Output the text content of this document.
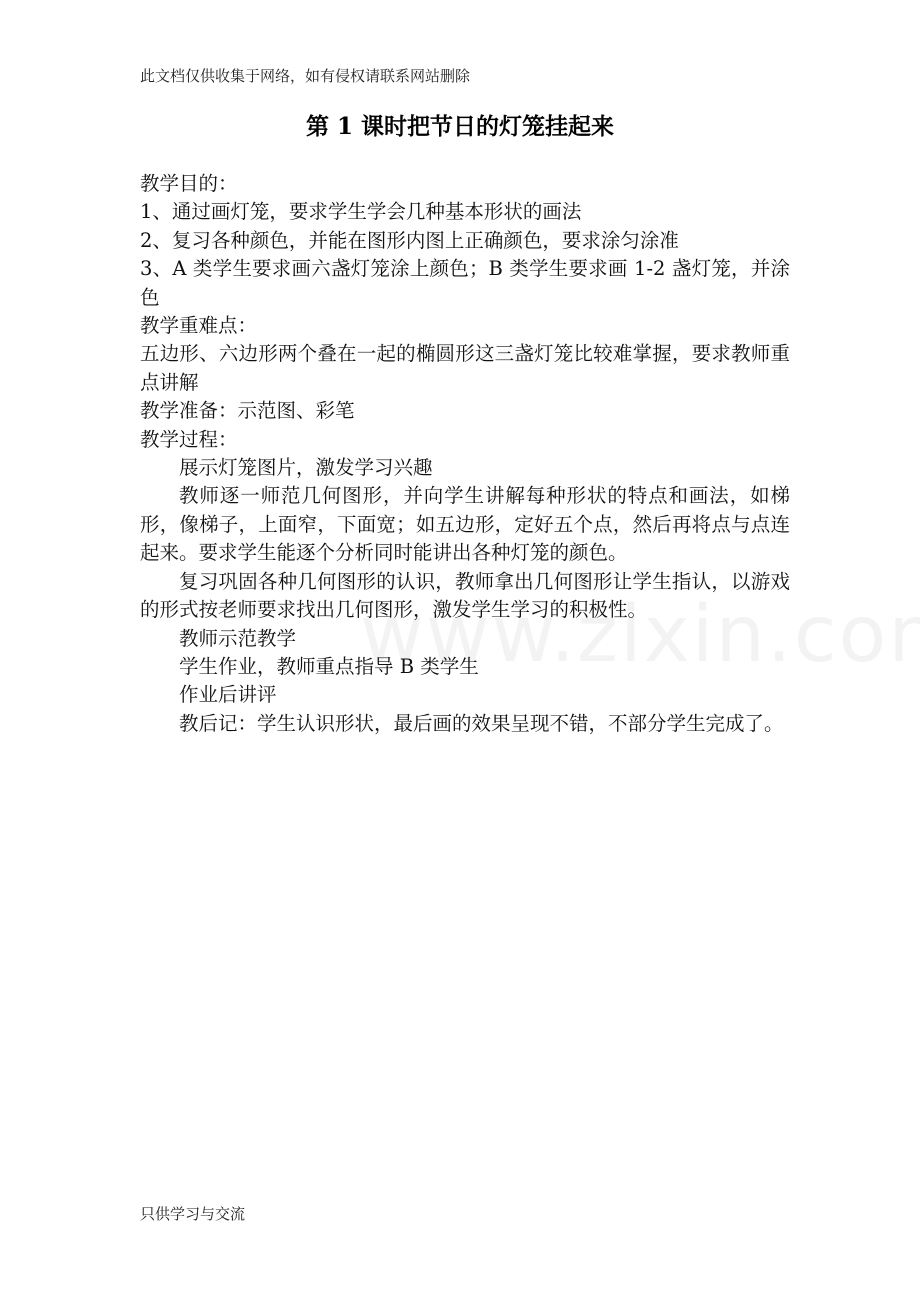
此文档仅供收集于网络，如有侵权请联系网站删除
第 1 课时把节日的灯笼挂起来

教学目的：

1、通过画灯笼，要求学生学会几种基本形状的画法

2、复习各种颜色，并能在图形内图上正确颜色，要求涂匀涂准

3、A 类学生要求画六盏灯笼涂上颜色；B 类学生要求画 1-2 盏灯笼，并涂色

教学重难点：

五边形、六边形两个叠在一起的椭圆形这三盏灯笼比较难掌握，要求教师重点讲解

教学准备：示范图、彩笔

教学过程：

展示灯笼图片，激发学习兴趣

教师逐一师范几何图形，并向学生讲解每种形状的特点和画法，如梯形，像梯子，上面窄，下面宽；如五边形，定好五个点，然后再将点与点连起来。要求学生能逐个分析同时能讲出各种灯笼的颜色。

复习巩固各种几何图形的认识，教师拿出几何图形让学生指认，以游戏的形式按老师要求找出几何图形，激发学生学习的积极性。

教师示范教学

学生作业，教师重点指导 B 类学生

作业后讲评

教后记：学生认识形状，最后画的效果呈现不错，不部分学生完成了。

只供学习与交流
